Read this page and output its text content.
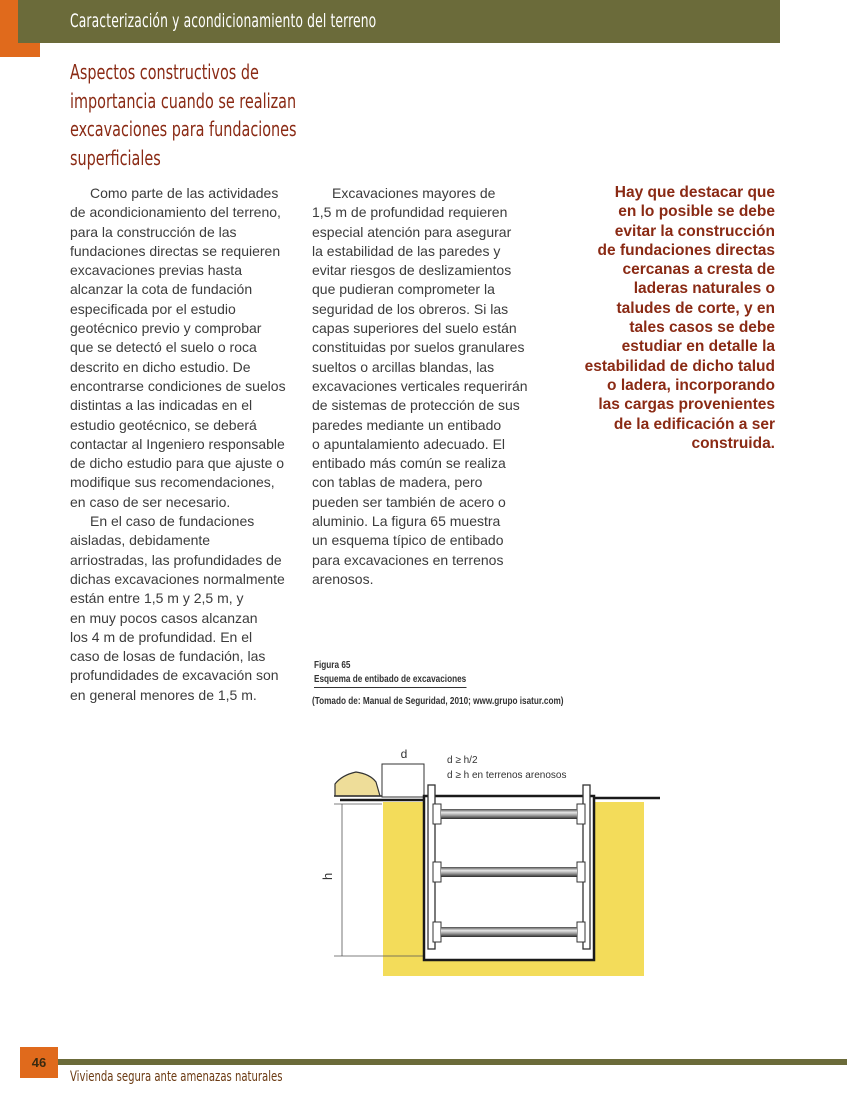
Caracterización y acondicionamiento del terreno
Aspectos constructivos de
importancia cuando se realizan
excavaciones para fundaciones
superficiales
Como parte de las actividades
de acondicionamiento del terreno,
para la construcción de las
fundaciones directas se requieren
excavaciones previas hasta
alcanzar la cota de fundación
especificada por el estudio
geotécnico previo y comprobar
que se detectó el suelo o roca
descrito en dicho estudio. De
encontrarse condiciones de suelos
distintas a las indicadas en el
estudio geotécnico, se deberá
contactar al Ingeniero responsable
de dicho estudio para que ajuste o
modifique sus recomendaciones,
en caso de ser necesario.
En el caso de fundaciones
aisladas, debidamente
arriostradas, las profundidades de
dichas excavaciones normalmente
están entre 1,5 m y 2,5 m, y
en muy pocos casos alcanzan
los 4 m de profundidad. En el
caso de losas de fundación, las
profundidades de excavación son
en general menores de 1,5 m.
Excavaciones mayores de
1,5 m de profundidad requieren
especial atención para asegurar
la estabilidad de las paredes y
evitar riesgos de deslizamientos
que pudieran comprometer la
seguridad de los obreros. Si las
capas superiores del suelo están
constituidas por suelos granulares
sueltos o arcillas blandas, las
excavaciones verticales requerirán
de sistemas de protección de sus
paredes mediante un entibado
o apuntalamiento adecuado. El
entibado más común se realiza
con tablas de madera, pero
pueden ser también de acero o
aluminio. La figura 65 muestra
un esquema típico de entibado
para excavaciones en terrenos
arenosos.
Hay que destacar que
en lo posible se debe
evitar la construcción
de fundaciones directas
cercanas a cresta de
laderas naturales o
taludes de corte, y en
tales casos se debe
estudiar en detalle la
estabilidad de dicho talud
o ladera, incorporando
las cargas provenientes
de la edificación a ser
construida.
Figura 65
Esquema de entibado de excavaciones
(Tomado de: Manual de Seguridad, 2010; www.grupo isatur.com)
d	d ≥ h/2
d ≥ h en terrenos arenosos
h
46
Vivienda segura ante amenazas naturales
